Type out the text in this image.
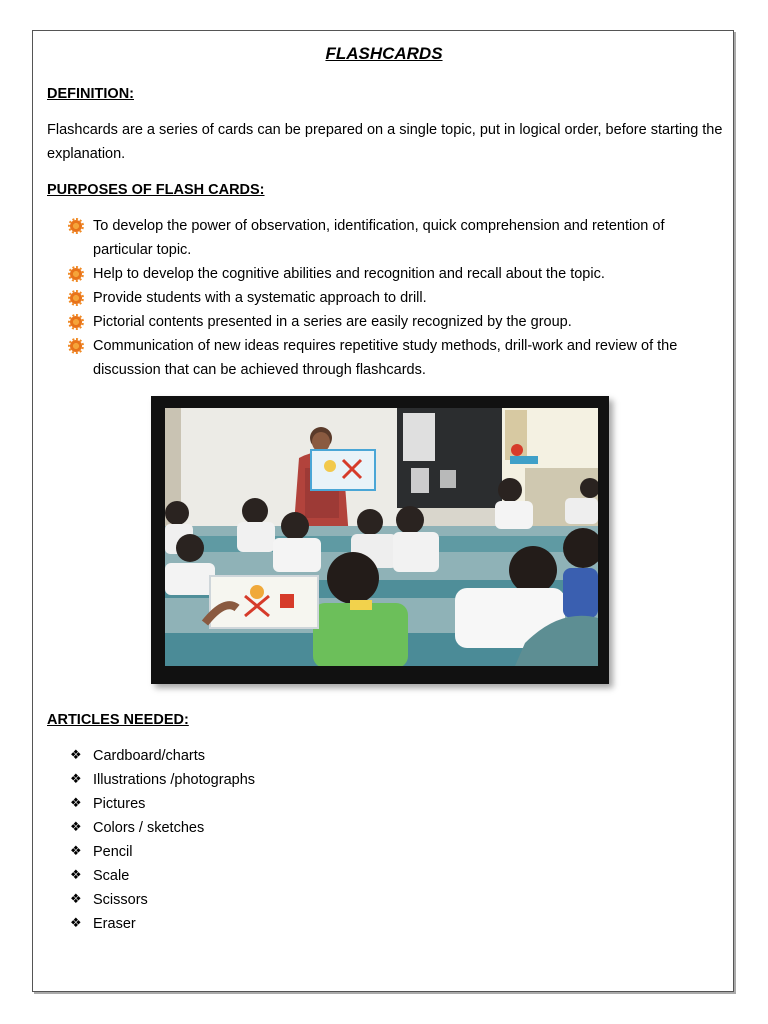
FLASHCARDS
DEFINITION:
Flashcards are a series of cards can be prepared on a single topic, put in logical order, before starting the explanation.
PURPOSES OF FLASH CARDS:
To develop the power of observation, identification, quick comprehension and retention of particular topic.
Help to develop the cognitive abilities and recognition and recall about the topic.
Provide students with a systematic approach to drill.
Pictorial contents presented in a series are easily recognized by the group.
Communication of new ideas requires repetitive study methods, drill-work and review of the discussion that can be achieved through flashcards.
ARTICLES NEEDED:
❖ Cardboard/charts
❖ Illustrations /photographs
❖ Pictures
❖ Colors / sketches
❖ Pencil
❖ Scale
❖ Scissors
❖ Eraser
